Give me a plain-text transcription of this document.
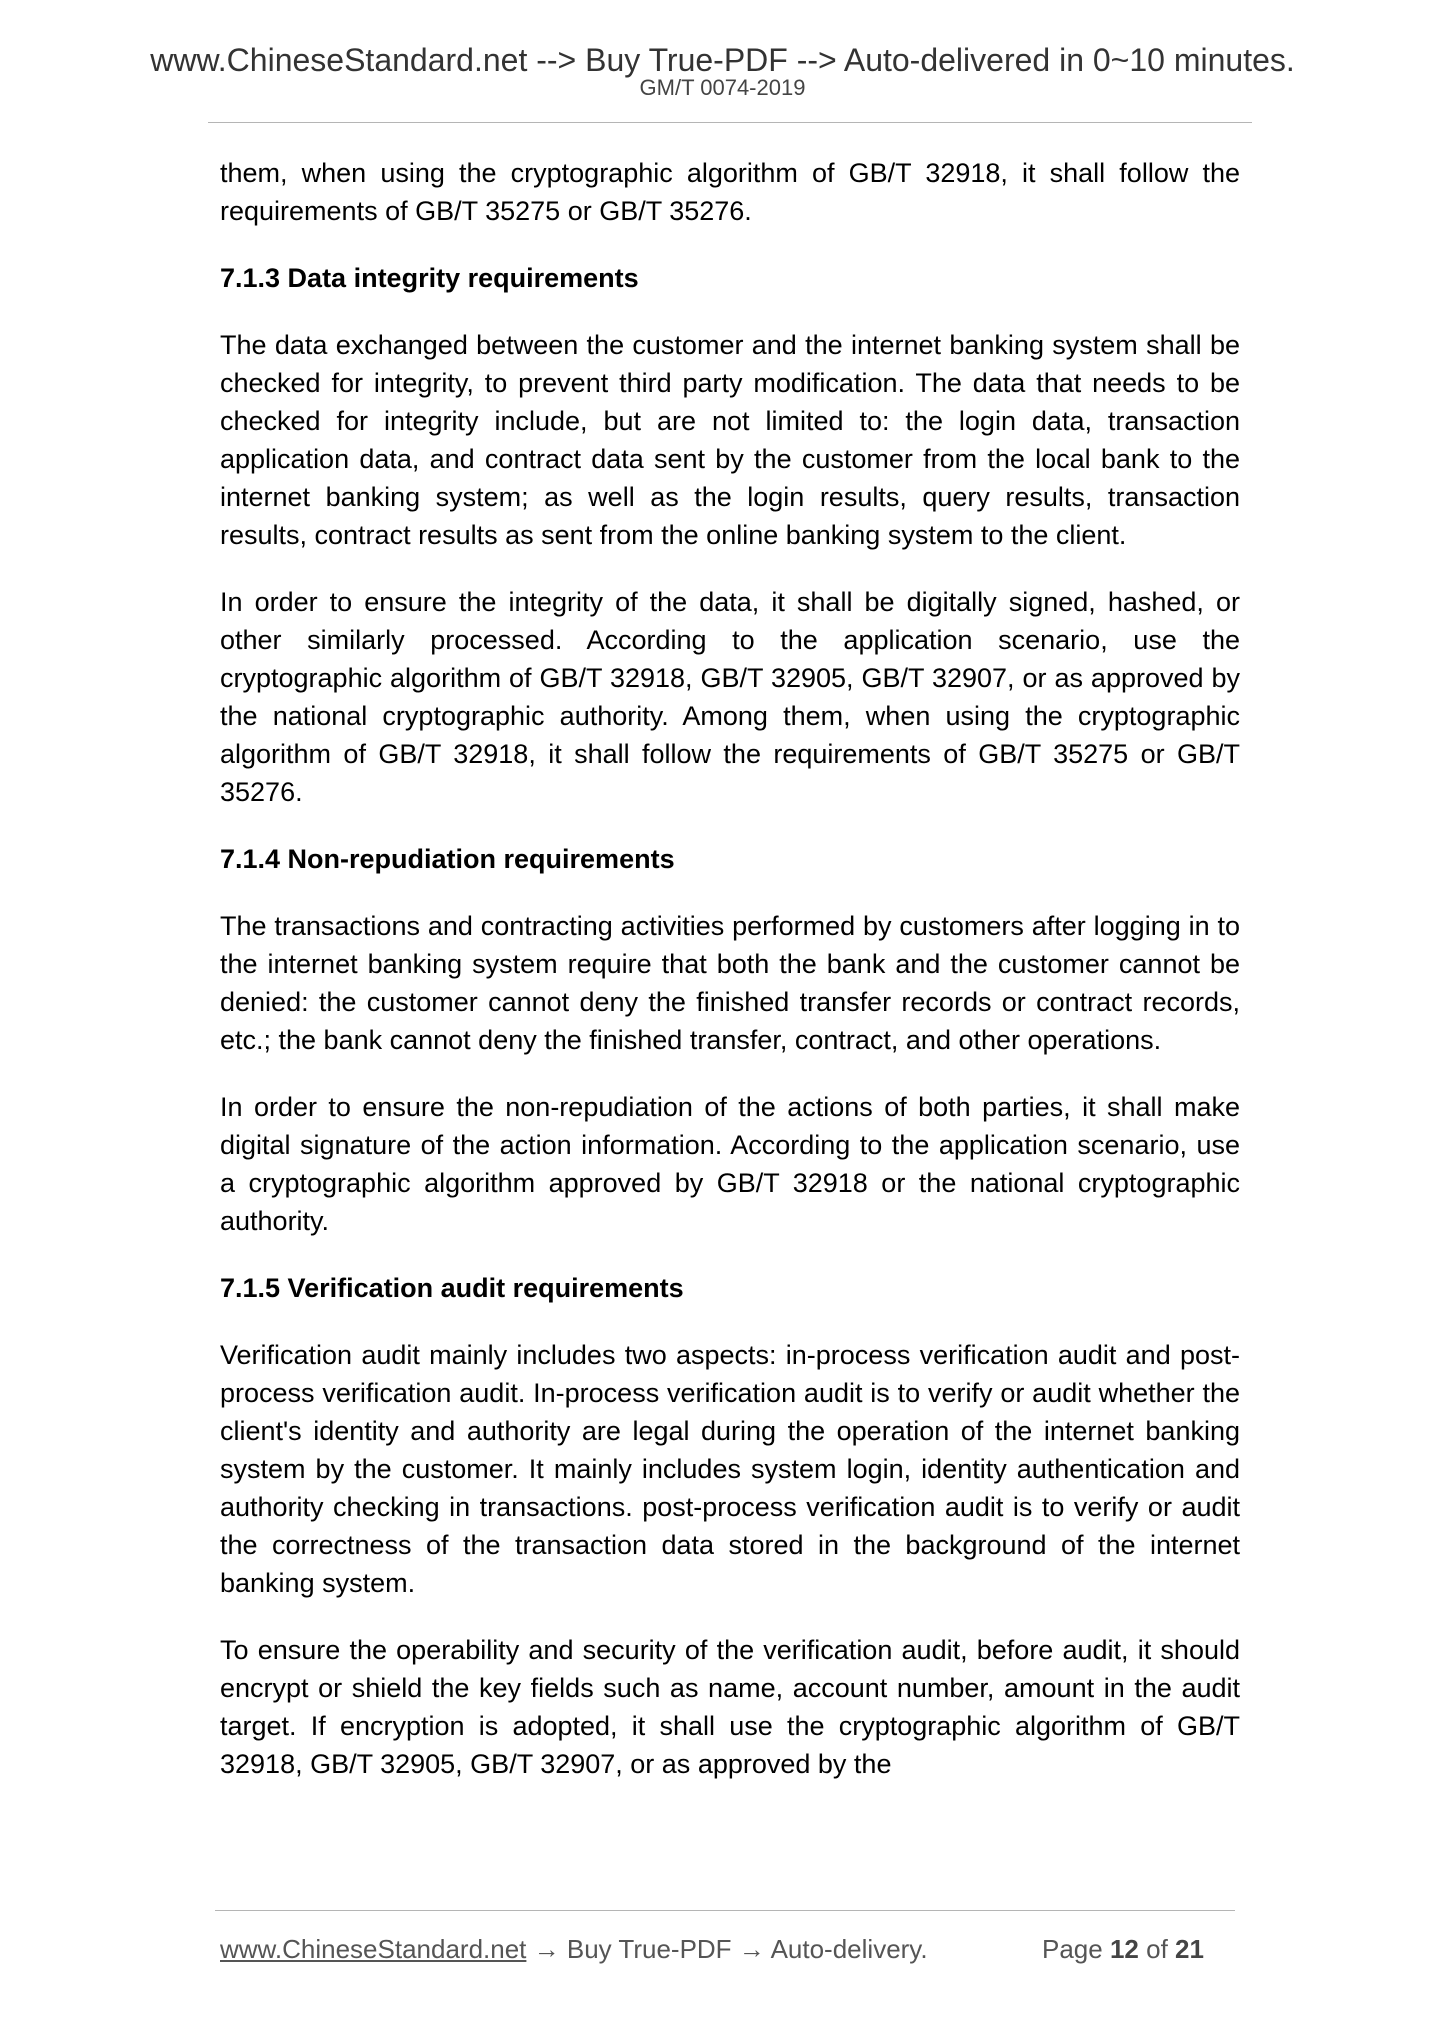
www.ChineseStandard.net --> Buy True-PDF --> Auto-delivered in 0~10 minutes.
GM/T 0074-2019

them, when using the cryptographic algorithm of GB/T 32918, it shall follow the requirements of GB/T 35275 or GB/T 35276.

7.1.3 Data integrity requirements

The data exchanged between the customer and the internet banking system shall be checked for integrity, to prevent third party modification. The data that needs to be checked for integrity include, but are not limited to: the login data, transaction application data, and contract data sent by the customer from the local bank to the internet banking system; as well as the login results, query results, transaction results, contract results as sent from the online banking system to the client.

In order to ensure the integrity of the data, it shall be digitally signed, hashed, or other similarly processed. According to the application scenario, use the cryptographic algorithm of GB/T 32918, GB/T 32905, GB/T 32907, or as approved by the national cryptographic authority. Among them, when using the cryptographic algorithm of GB/T 32918, it shall follow the requirements of GB/T 35275 or GB/T 35276.

7.1.4 Non-repudiation requirements

The transactions and contracting activities performed by customers after logging in to the internet banking system require that both the bank and the customer cannot be denied: the customer cannot deny the finished transfer records or contract records, etc.; the bank cannot deny the finished transfer, contract, and other operations.

In order to ensure the non-repudiation of the actions of both parties, it shall make digital signature of the action information. According to the application scenario, use a cryptographic algorithm approved by GB/T 32918 or the national cryptographic authority.

7.1.5 Verification audit requirements

Verification audit mainly includes two aspects: in-process verification audit and post-process verification audit. In-process verification audit is to verify or audit whether the client's identity and authority are legal during the operation of the internet banking system by the customer. It mainly includes system login, identity authentication and authority checking in transactions. post-process verification audit is to verify or audit the correctness of the transaction data stored in the background of the internet banking system.

To ensure the operability and security of the verification audit, before audit, it should encrypt or shield the key fields such as name, account number, amount in the audit target. If encryption is adopted, it shall use the cryptographic algorithm of GB/T 32918, GB/T 32905, GB/T 32907, or as approved by the

www.ChineseStandard.net → Buy True-PDF → Auto-delivery.	Page 12 of 21
